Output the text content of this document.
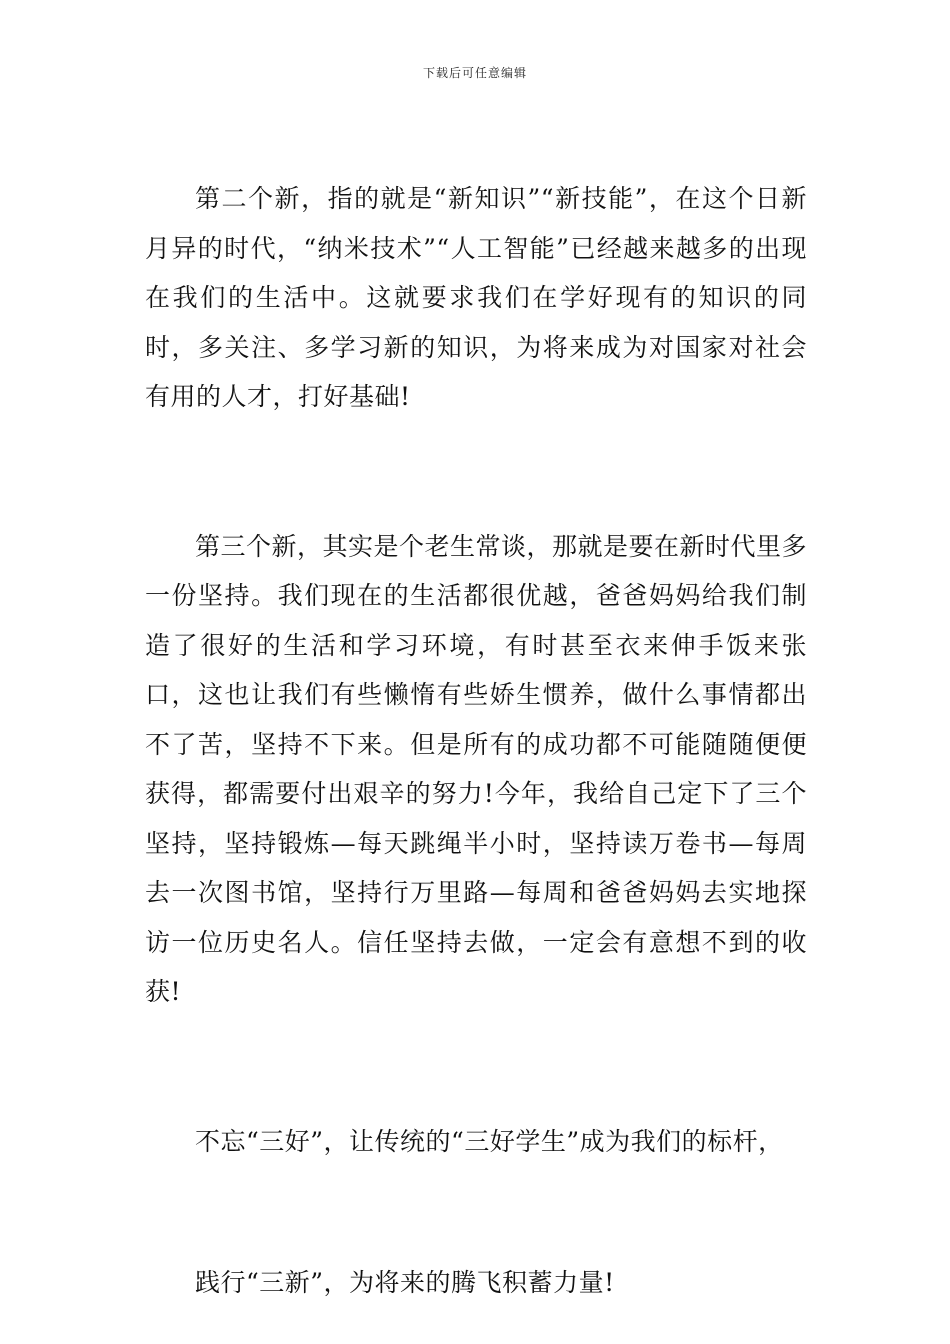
下载后可任意编辑

第二个新，指的就是“新知识”“新技能”，在这个日新月异的时代，“纳米技术”“人工智能”已经越来越多的出现在我们的生活中。这就要求我们在学好现有的知识的同时，多关注、多学习新的知识，为将来成为对国家对社会有用的人才，打好基础!

第三个新，其实是个老生常谈，那就是要在新时代里多一份坚持。我们现在的生活都很优越，爸爸妈妈给我们制造了很好的生活和学习环境，有时甚至衣来伸手饭来张口，这也让我们有些懒惰有些娇生惯养，做什么事情都出不了苦，坚持不下来。但是所有的成功都不可能随随便便获得，都需要付出艰辛的努力!今年，我给自己定下了三个坚持，坚持锻炼—每天跳绳半小时，坚持读万卷书—每周去一次图书馆，坚持行万里路—每周和爸爸妈妈去实地探访一位历史名人。信任坚持去做，一定会有意想不到的收获!

不忘“三好”，让传统的“三好学生”成为我们的标杆，

践行“三新”，为将来的腾飞积蓄力量!
